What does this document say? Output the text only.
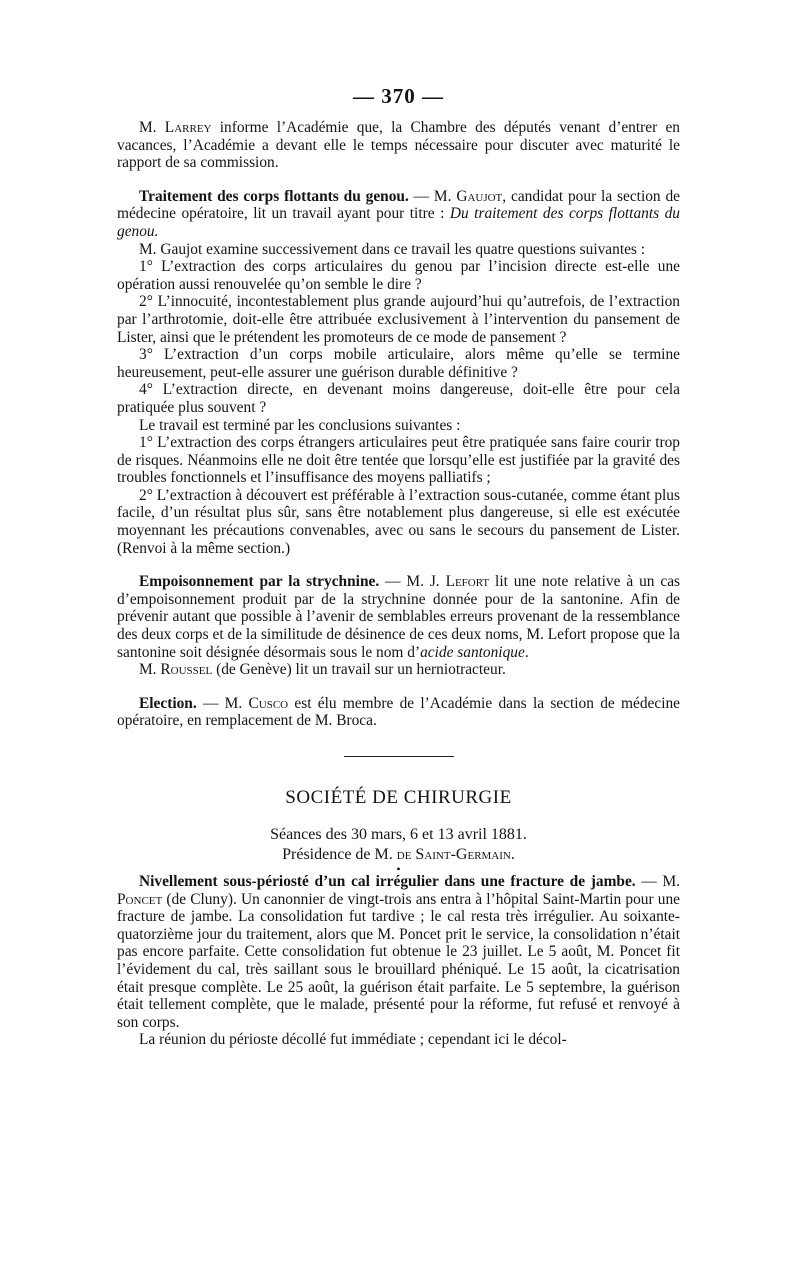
— 370 —

M. Larrey informe l’Académie que, la Chambre des députés venant d’entrer en vacances, l’Académie a devant elle le temps nécessaire pour discuter avec maturité le rapport de sa commission.

Traitement des corps flottants du genou. — M. Gaujot, candidat pour la section de médecine opératoire, lit un travail ayant pour titre : Du traitement des corps flottants du genou.

M. Gaujot examine successivement dans ce travail les quatre questions suivantes :

1° L’extraction des corps articulaires du genou par l’incision directe est-elle une opération aussi renouvelée qu’on semble le dire ?

2° L’innocuité, incontestablement plus grande aujourd’hui qu’autrefois, de l’extraction par l’arthrotomie, doit-elle être attribuée exclusivement à l’intervention du pansement de Lister, ainsi que le prétendent les promoteurs de ce mode de pansement ?

3° L’extraction d’un corps mobile articulaire, alors même qu’elle se termine heureusement, peut-elle assurer une guérison durable définitive ?

4° L’extraction directe, en devenant moins dangereuse, doit-elle être pour cela pratiquée plus souvent ?

Le travail est terminé par les conclusions suivantes :

1° L’extraction des corps étrangers articulaires peut être pratiquée sans faire courir trop de risques. Néanmoins elle ne doit être tentée que lorsqu’elle est justifiée par la gravité des troubles fonctionnels et l’insuffisance des moyens palliatifs ;

2° L’extraction à découvert est préférable à l’extraction sous-cutanée, comme étant plus facile, d’un résultat plus sûr, sans être notablement plus dangereuse, si elle est exécutée moyennant les précautions convenables, avec ou sans le secours du pansement de Lister. (Renvoi à la même section.)

Empoisonnement par la strychnine. — M. J. Lefort lit une note relative à un cas d’empoisonnement produit par de la strychnine donnée pour de la santonine. Afin de prévenir autant que possible à l’avenir de semblables erreurs provenant de la ressemblance des deux corps et de la similitude de désinence de ces deux noms, M. Lefort propose que la santonine soit désignée désormais sous le nom d’acide santonique.

M. Roussel (de Genève) lit un travail sur un herniotracteur.

Election. — M. Cusco est élu membre de l’Académie dans la section de médecine opératoire, en remplacement de M. Broca.

SOCIÉTÉ DE CHIRURGIE

Séances des 30 mars, 6 et 13 avril 1881.

Présidence de M. de Saint-Germain.

•

Nivellement sous-périosté d’un cal irrégulier dans une fracture de jambe. — M. Poncet (de Cluny). Un canonnier de vingt-trois ans entra à l’hôpital Saint-Martin pour une fracture de jambe. La consolidation fut tardive ; le cal resta très irrégulier. Au soixante-quatorzième jour du traitement, alors que M. Poncet prit le service, la consolidation n’était pas encore parfaite. Cette consolidation fut obtenue le 23 juillet. Le 5 août, M. Poncet fit l’évidement du cal, très saillant sous le brouillard phéniqué. Le 15 août, la cicatrisation était presque complète. Le 25 août, la guérison était parfaite. Le 5 septembre, la guérison était tellement complète, que le malade, présenté pour la réforme, fut refusé et renvoyé à son corps.

La réunion du périoste décollé fut immédiate ; cependant ici le décol-
